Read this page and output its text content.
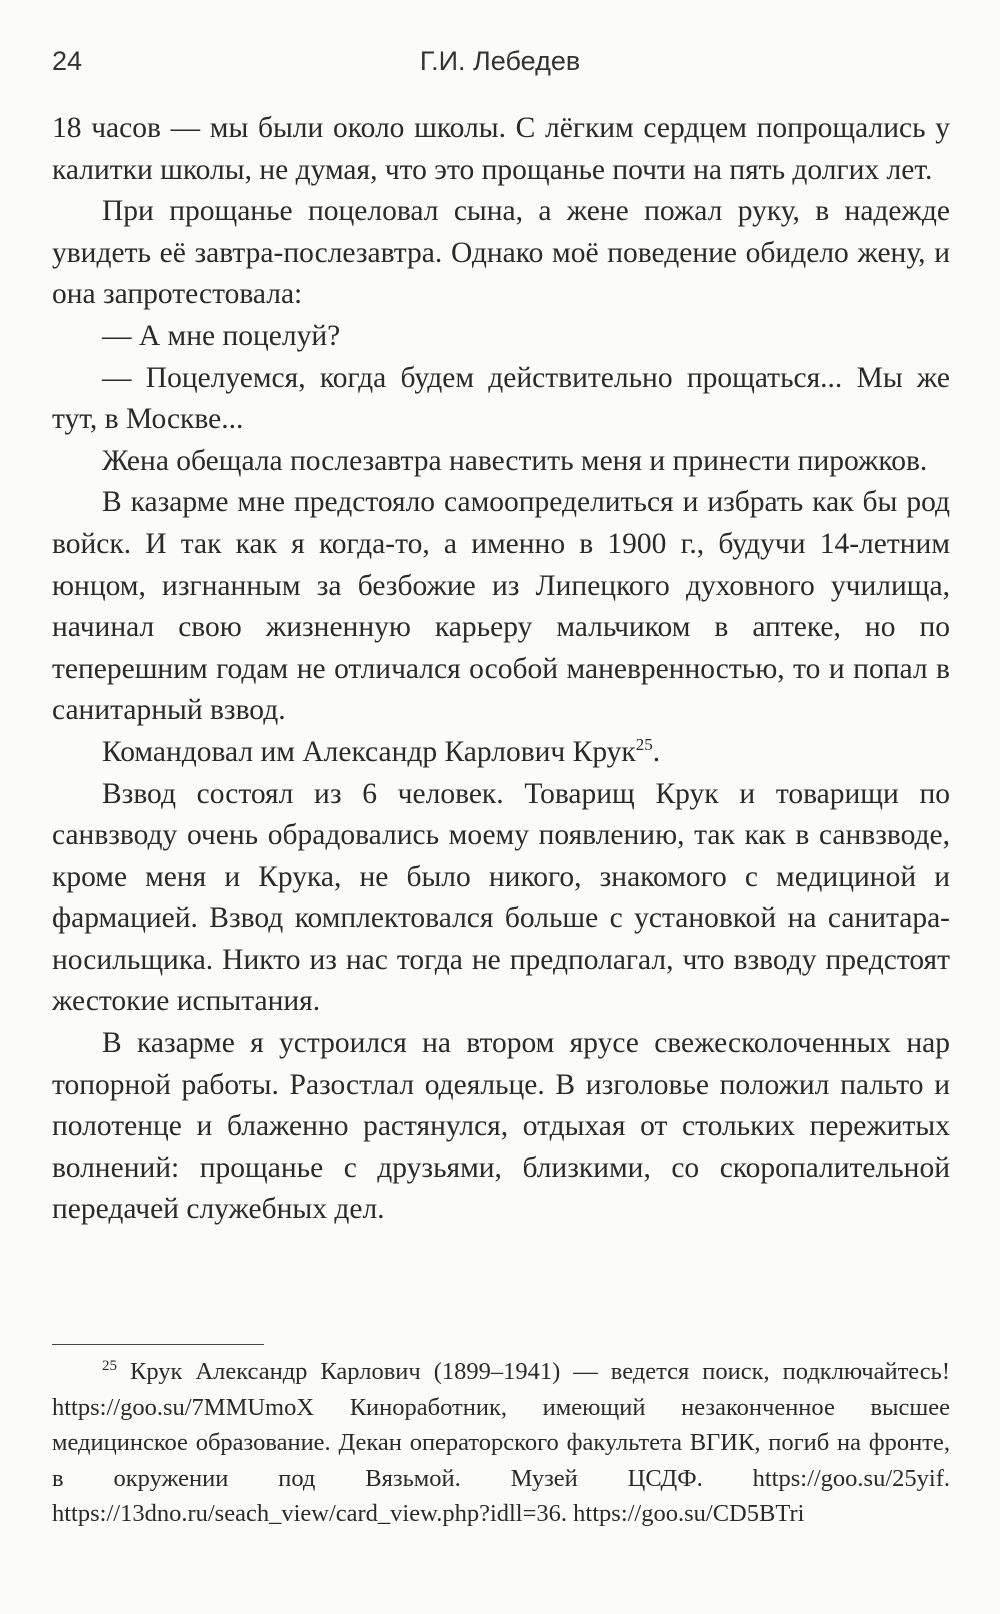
24	Г.И. Лебедев

18 часов — мы были около школы. С лёгким сердцем попрощались у калитки школы, не думая, что это прощанье почти на пять долгих лет.

При прощанье поцеловал сына, а жене пожал руку, в надежде увидеть её завтра-послезавтра. Однако моё поведение обидело жену, и она запротестовала:

— А мне поцелуй?

— Поцелуемся, когда будем действительно прощаться... Мы же тут, в Москве...

Жена обещала послезавтра навестить меня и принести пирожков.

В казарме мне предстояло самоопределиться и избрать как бы род войск. И так как я когда-то, а именно в 1900 г., будучи 14-летним юнцом, изгнанным за безбожие из Липецкого духовного училища, начинал свою жизненную карьеру мальчиком в аптеке, но по теперешним годам не отличался особой маневренностью, то и попал в санитарный взвод.

Командовал им Александр Карлович Крук$^{25}$.

Взвод состоял из 6 человек. Товарищ Крук и товарищи по санвзводу очень обрадовались моему появлению, так как в санвзводе, кроме меня и Крука, не было никого, знакомого с медициной и фармацией. Взвод комплектовался больше с установкой на санитара-носильщика. Никто из нас тогда не предполагал, что взводу предстоят жестокие испытания.

В казарме я устроился на втором ярусе свежесколоченных нар топорной работы. Разостлал одеяльце. В изголовье положил пальто и полотенце и блаженно растянулся, отдыхая от стольких пережитых волнений: прощанье с друзьями, близкими, со скоропалительной передачей служебных дел.

$^{25}$ Крук Александр Карлович (1899–1941) — ведется поиск, подключайтесь! https://goo.su/7MMUmoX Киноработник, имеющий незаконченное высшее медицинское образование. Декан операторского факультета ВГИК, погиб на фронте, в окружении под Вязьмой. Музей ЦСДФ. https://goo.su/25yif. https://13dno.ru/seach_view/card_view.php?idll=36. https://goo.su/CD5BTri
